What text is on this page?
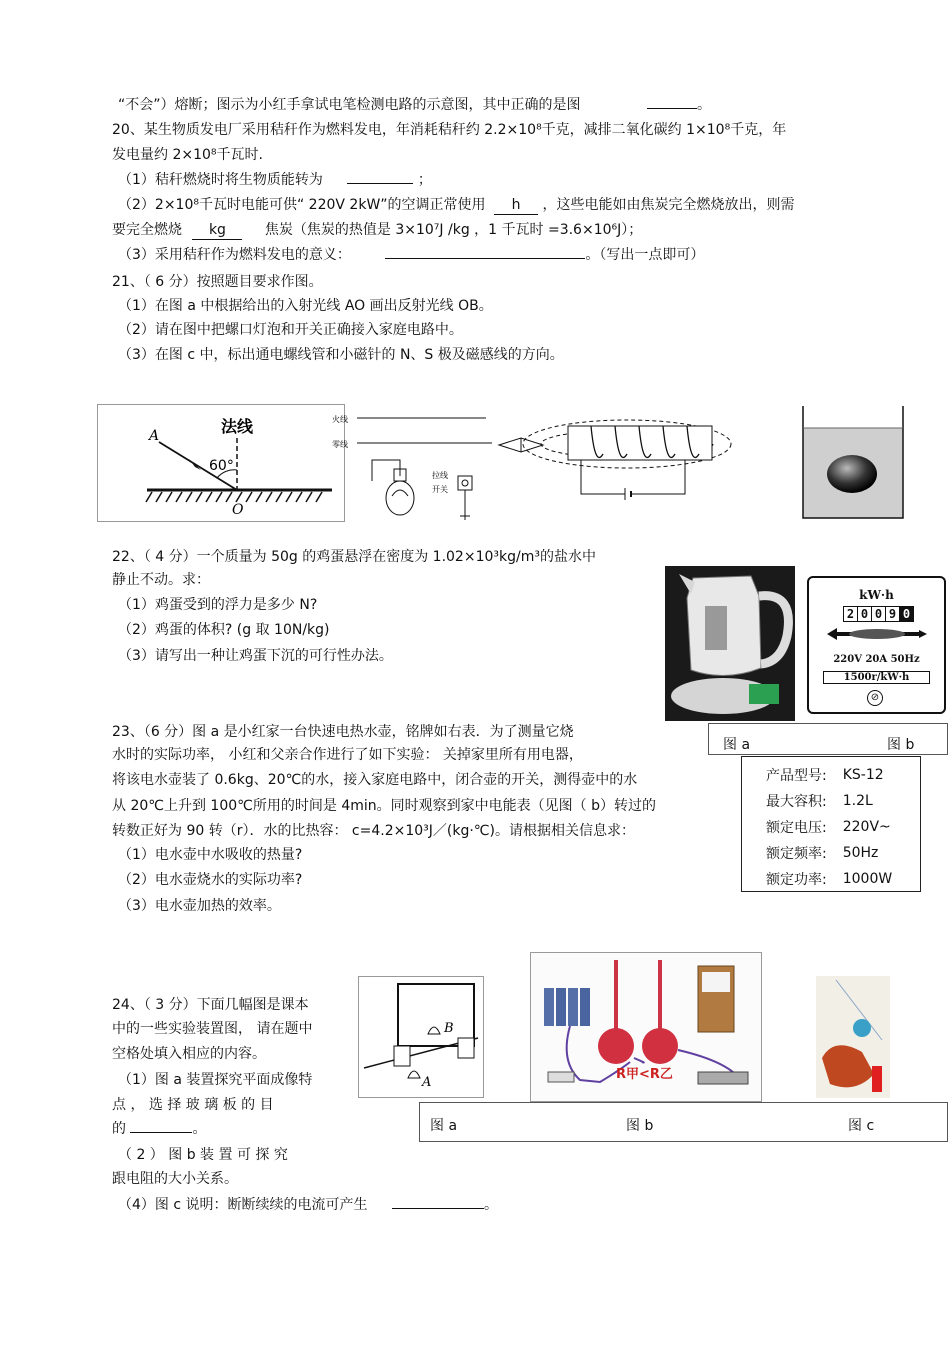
“不会”）熔断；图示为小红手拿试电笔检测电路的示意图，其中正确的是图	。
20、某生物质发电厂采用秸秆作为燃料发电，年消耗秸秆约 2.2×10⁸千克，减排二氧化碳约 1×10⁸千克，年
发电量约 2×10⁸千瓦时.
（1）秸秆燃烧时将生物质能转为	；
（2）2×10⁸千瓦时电能可供“ 220V 2kW”的空调正常使用 h ，这些电能如由焦炭完全燃烧放出，则需
要完全燃烧 kg	焦炭（焦炭的热值是 3×10⁷J /kg ，1 千瓦时 =3.6×10⁶J）；
（3）采用秸秆作为燃料发电的意义：	。（写出一点即可）
21、（ 6 分）按照题目要求作图。
（1）在图 a 中根据给出的入射光线 AO 画出反射光线 OB。
（2）请在图中把螺口灯泡和开关正确接入家庭电路中。
（3）在图 c 中，标出通电螺线管和小磁针的 N、S 极及磁感线的方向。
法线
A
60°
O
火线
零线
拉线
开关
22、（ 4 分）一个质量为 50g 的鸡蛋悬浮在密度为 1.02×10³kg/m³的盐水中
静止不动。求：
（1）鸡蛋受到的浮力是多少 N?
（2）鸡蛋的体积? (g 取 10N/kg)
（3）请写出一种让鸡蛋下沉的可行性办法。
kW·h
2 0 0 9 0
220V 20A 50Hz
1500r/kW·h
⊘
图 a	图 b
23、（6 分）图 a 是小红家一台快速电热水壶，铭牌如右表．为了测量它烧
水时的实际功率， 小红和父亲合作进行了如下实验： 关掉家里所有用电器，
将该电水壶装了 0.6kg、20℃的水，接入家庭电路中，闭合壶的开关，测得壶中的水
从 20℃上升到 100℃所用的时间是 4min。同时观察到家中电能表（见图（ b）转过的
转数正好为 90 转（r）．水的比热容： c=4.2×10³J／(kg·℃)。请根据相关信息求：
（1）电水壶中水吸收的热量?
（2）电水壶烧水的实际功率?
（3）电水壶加热的效率。
产品型号:	KS-12
最大容积:	1.2L
额定电压:	220V~
额定频率:	50Hz
额定功率:	1000W
24、（ 3 分）下面几幅图是课本
中的一些实验装置图， 请在题中
空格处填入相应的内容。
（1）图 a 装置探究平面成像特
点 ， 选 择 玻 璃 板 的 目
的	。
（ 2 ） 图 b 装 置 可 探 究
跟电阻的大小关系。
（4）图 c 说明：断断续续的电流可产生	。
B
A
R甲<R乙
图 a	图 b	图 c
